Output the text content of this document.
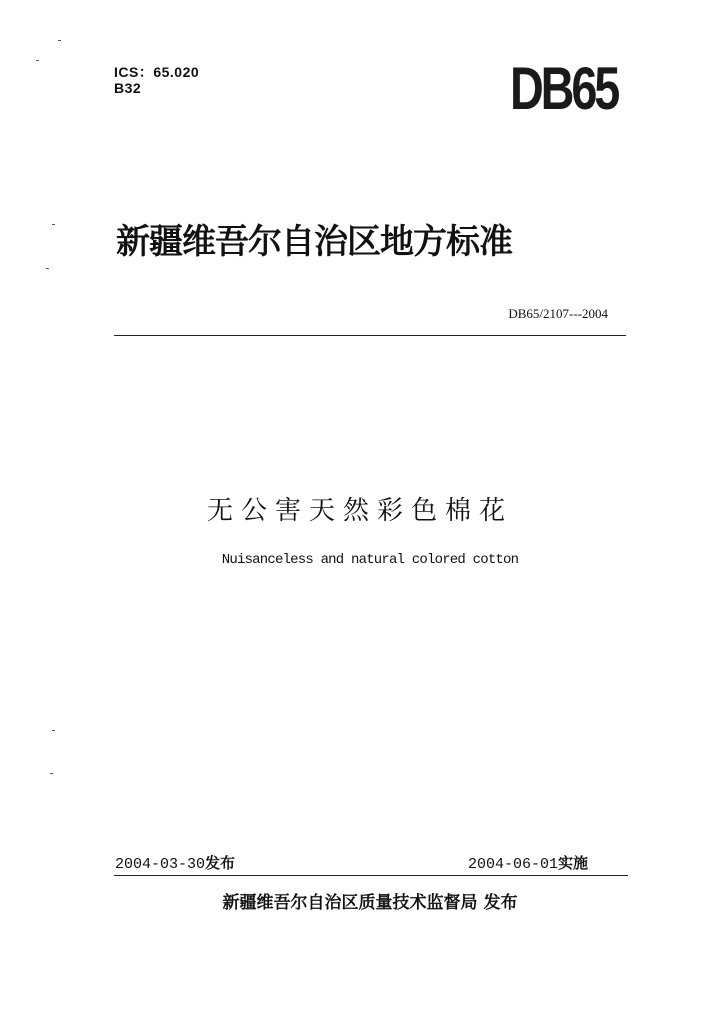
ICS：65.020
B32	DB65
新疆维吾尔自治区地方标准
DB65/2107---2004
无公害天然彩色棉花
Nuisanceless and natural colored cotton
2004-03-30发布	2004-06-01实施
新疆维吾尔自治区质量技术监督局 发布
